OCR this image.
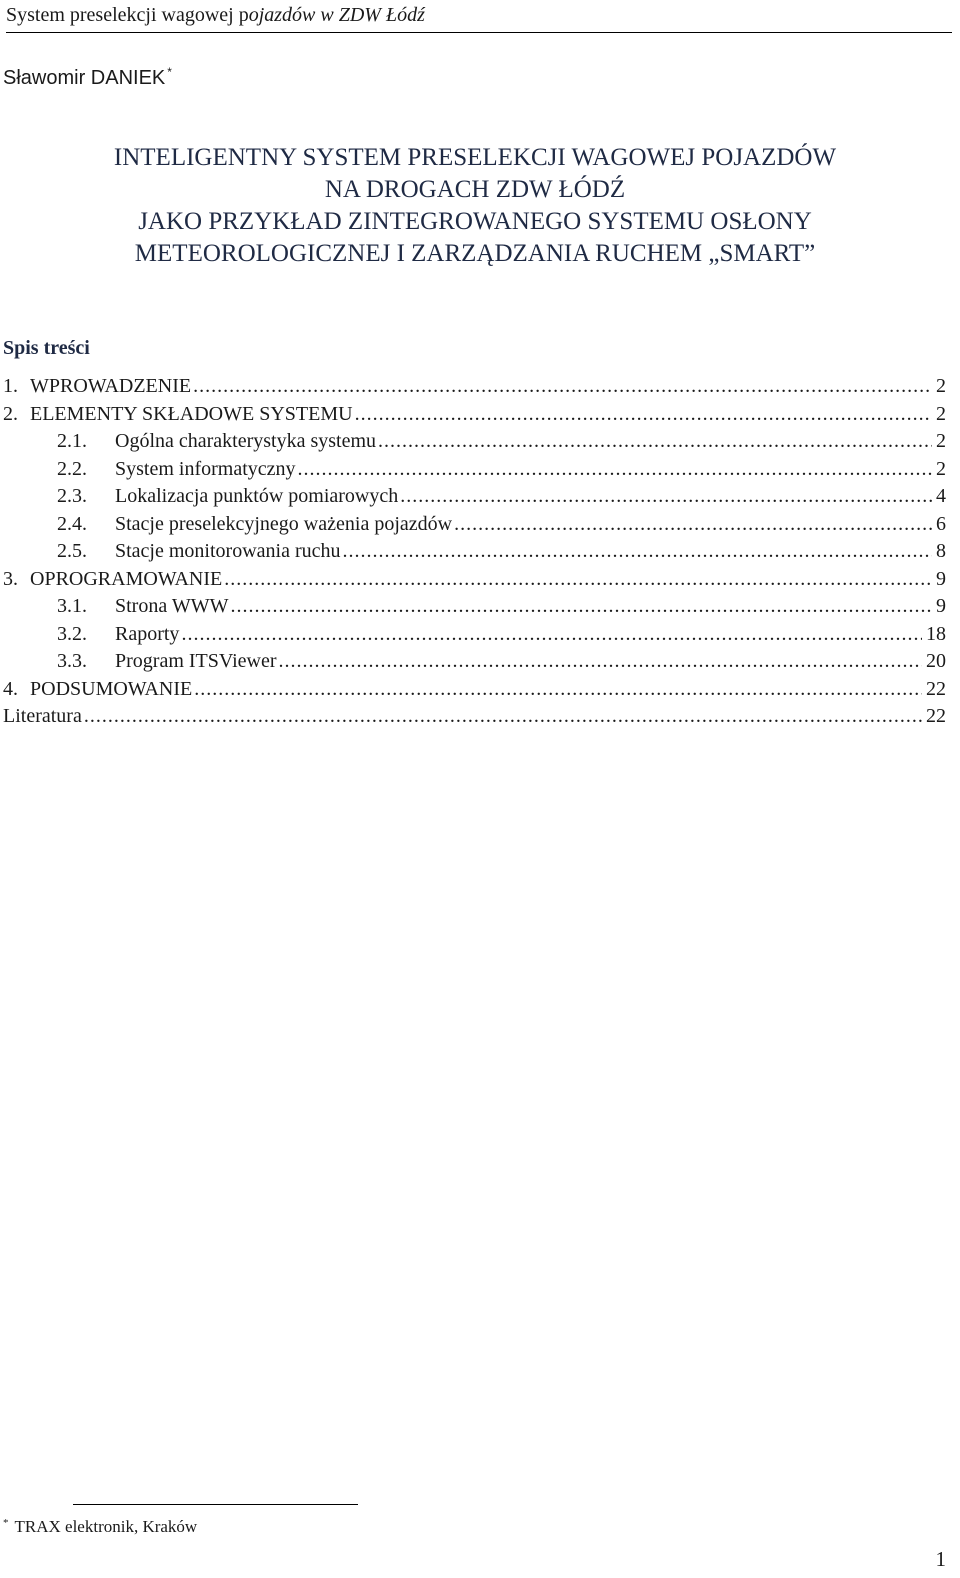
System preselekcji wagowej pojazdów w ZDW Łódź
Sławomir DANIEK *
INTELIGENTNY SYSTEM PRESELEKCJI WAGOWEJ POJAZDÓW
NA DROGACH ZDW ŁÓDŹ
JAKO PRZYKŁAD ZINTEGROWANEGO SYSTEMU OSŁONY
METEOROLOGICZNEJ I ZARZĄDZANIA RUCHEM „SMART”
Spis treści
1. WPROWADZENIE .....	2
2. ELEMENTY SKŁADOWE SYSTEMU .....	2
2.1.	Ogólna charakterystyka systemu .....	2
2.2.	System informatyczny .....	2
2.3.	Lokalizacja punktów pomiarowych .....	4
2.4.	Stacje preselekcyjnego ważenia pojazdów .....	6
2.5.	Stacje monitorowania ruchu .....	8
3. OPROGRAMOWANIE .....	9
3.1.	Strona WWW .....	9
3.2.	Raporty .....	18
3.3.	Program ITSViewer .....	20
4. PODSUMOWANIE .....	22
Literatura .....	22
* TRAX elektronik, Kraków
1
